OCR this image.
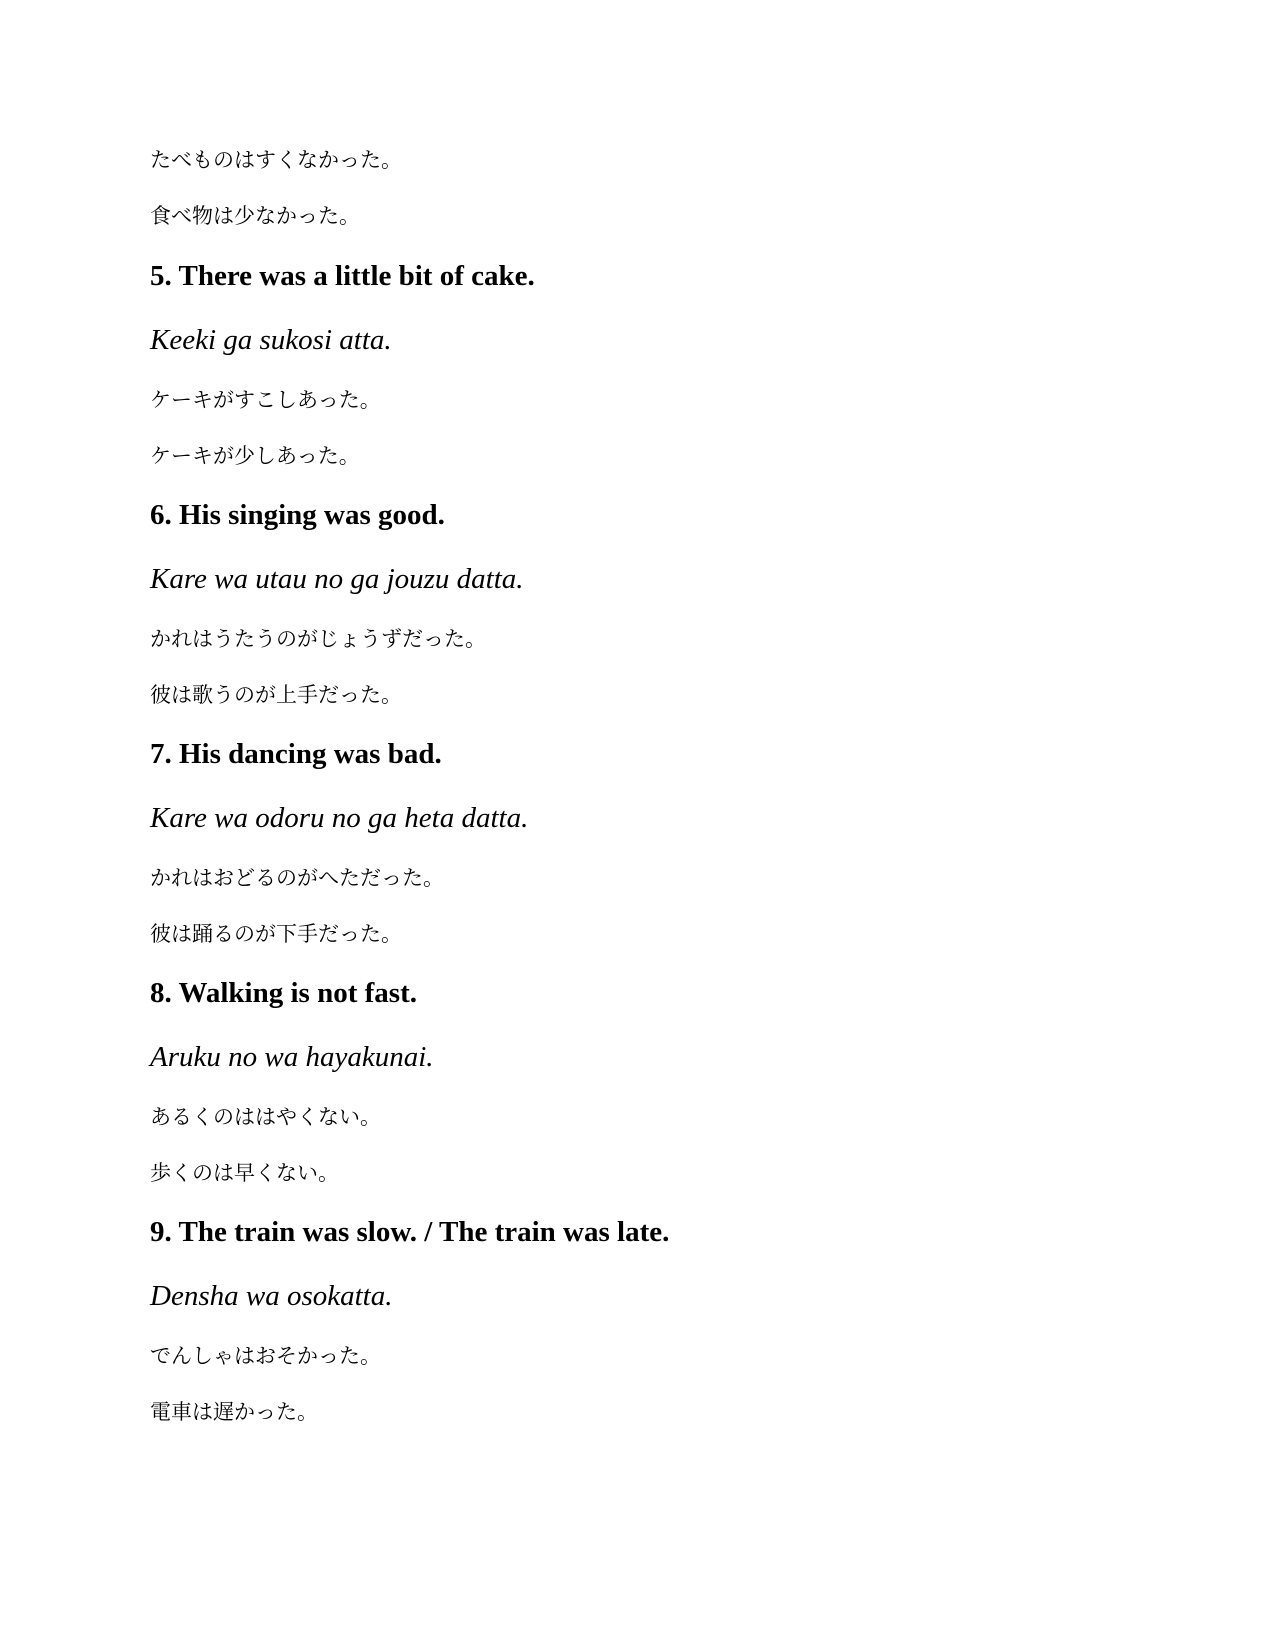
たべものはすくなかった。
食べ物は少なかった。
5. There was a little bit of cake.
Keeki ga sukosi atta.
ケーキがすこしあった。
ケーキが少しあった。
6. His singing was good.
Kare wa utau no ga jouzu datta.
かれはうたうのがじょうずだった。
彼は歌うのが上手だった。
7. His dancing was bad.
Kare wa odoru no ga heta datta.
かれはおどるのがへただった。
彼は踊るのが下手だった。
8. Walking is not fast.
Aruku no wa hayakunai.
あるくのははやくない。
歩くのは早くない。
9. The train was slow. / The train was late.
Densha wa osokatta.
でんしゃはおそかった。
電車は遅かった。
